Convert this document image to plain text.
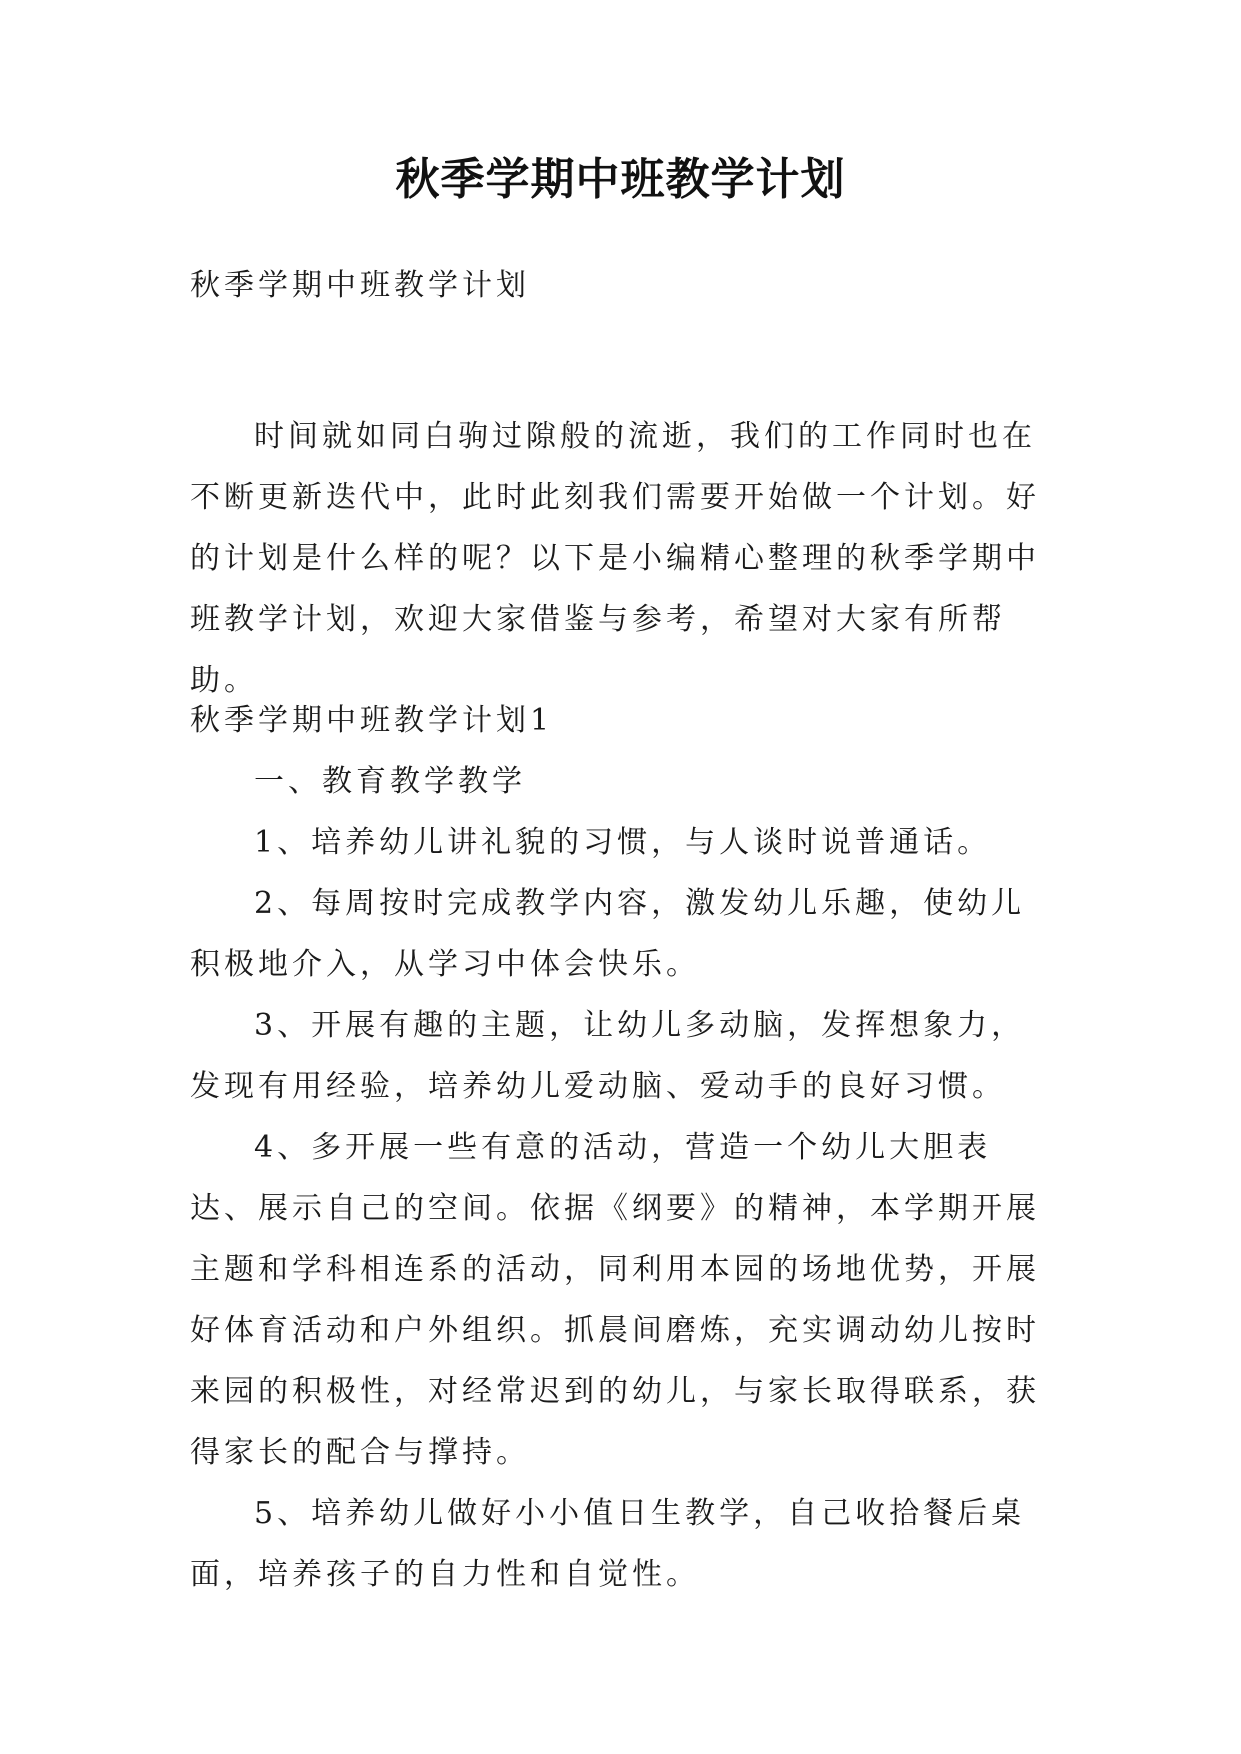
秋季学期中班教学计划

秋季学期中班教学计划

时间就如同白驹过隙般的流逝，我们的工作同时也在不断更新迭代中，此时此刻我们需要开始做一个计划。好的计划是什么样的呢？以下是小编精心整理的秋季学期中班教学计划，欢迎大家借鉴与参考，希望对大家有所帮助。

秋季学期中班教学计划1

一、教育教学教学

1、培养幼儿讲礼貌的习惯，与人谈时说普通话。

2、每周按时完成教学内容，激发幼儿乐趣，使幼儿积极地介入，从学习中体会快乐。

3、开展有趣的主题，让幼儿多动脑，发挥想象力，发现有用经验，培养幼儿爱动脑、爱动手的良好习惯。

4、多开展一些有意的活动，营造一个幼儿大胆表达、展示自己的空间。依据《纲要》的精神，本学期开展主题和学科相连系的活动，同利用本园的场地优势，开展好体育活动和户外组织。抓晨间磨炼，充实调动幼儿按时来园的积极性，对经常迟到的幼儿，与家长取得联系，获得家长的配合与撑持。

5、培养幼儿做好小小值日生教学，自己收拾餐后桌面，培养孩子的自力性和自觉性。
